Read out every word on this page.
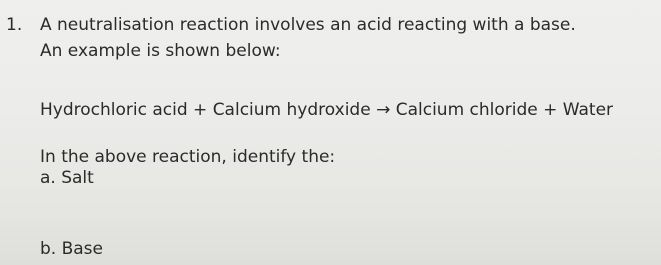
1. A neutralisation reaction involves an acid reacting with a base.
An example is shown below:
Hydrochloric acid + Calcium hydroxide → Calcium chloride + Water
In the above reaction, identify the:
a. Salt
b. Base
